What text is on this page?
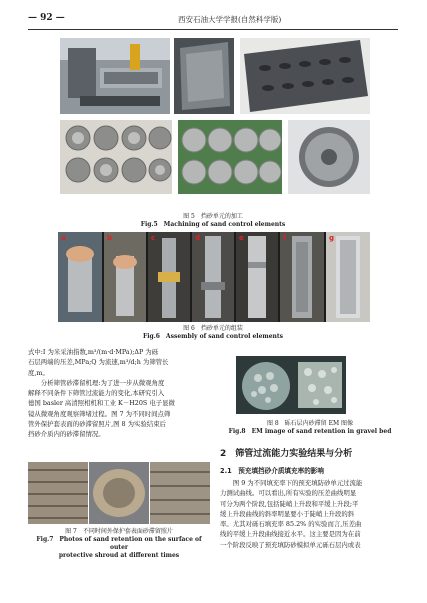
— 92 —	西安石油大学学报(自然科学版)
图 5　挡砂单元的加工
Fig.5　Machining of sand control elements
a	b	c	d	e	f	g
图 6　挡砂单元的组装
Fig.6　Assembly of sand control elements
式中:I 为米采油指数,m³/(m·d·MPa);ΔP 为砾
石层两端的压差,MPa;Q 为流速,m³/d;h 为筛管长
度,m。
　　分析筛管砂滞留机理:为了进一步从微观角度
解释不同条件下筛管过流能力的变化,本研究引入
德国 basler 高清照相机和工业 K－H20S 电子显微
镜从微观角度观察筛堵过程。图 7 为不同时间点筛
管外保护套表面的砂滞留照片,图 8 为实验结束后
挡砂介质内的砂滞留情况。
图 7　不同时间外保护套表面砂滞留照片
Fig.7　Photos of sand retention on the surface of outer
protective shroud at different times
图 8　砾石层内砂滞留 EM 图像
Fig.8　EM image of sand retention in gravel bed
2　筛管过流能力实验结果与分析
2.1　预充填挡砂介质填充率的影响
　　图 9 为不同填充率下的预充填防砂单元过流能
力测试曲线。可以看出,所有实验的压差曲线明显
可分为两个阶段,包括陡峭上升段和平缓上升段;平
缓上升段曲线的斜率明显要小于陡峭上升段的斜
率。尤其对砾石填充率 85.2% 的实验而言,压差曲
线的平缓上升段曲线接近水平。这主要是因为在前
一个阶段反映了预充填防砂模拟单元砾石层内或表
